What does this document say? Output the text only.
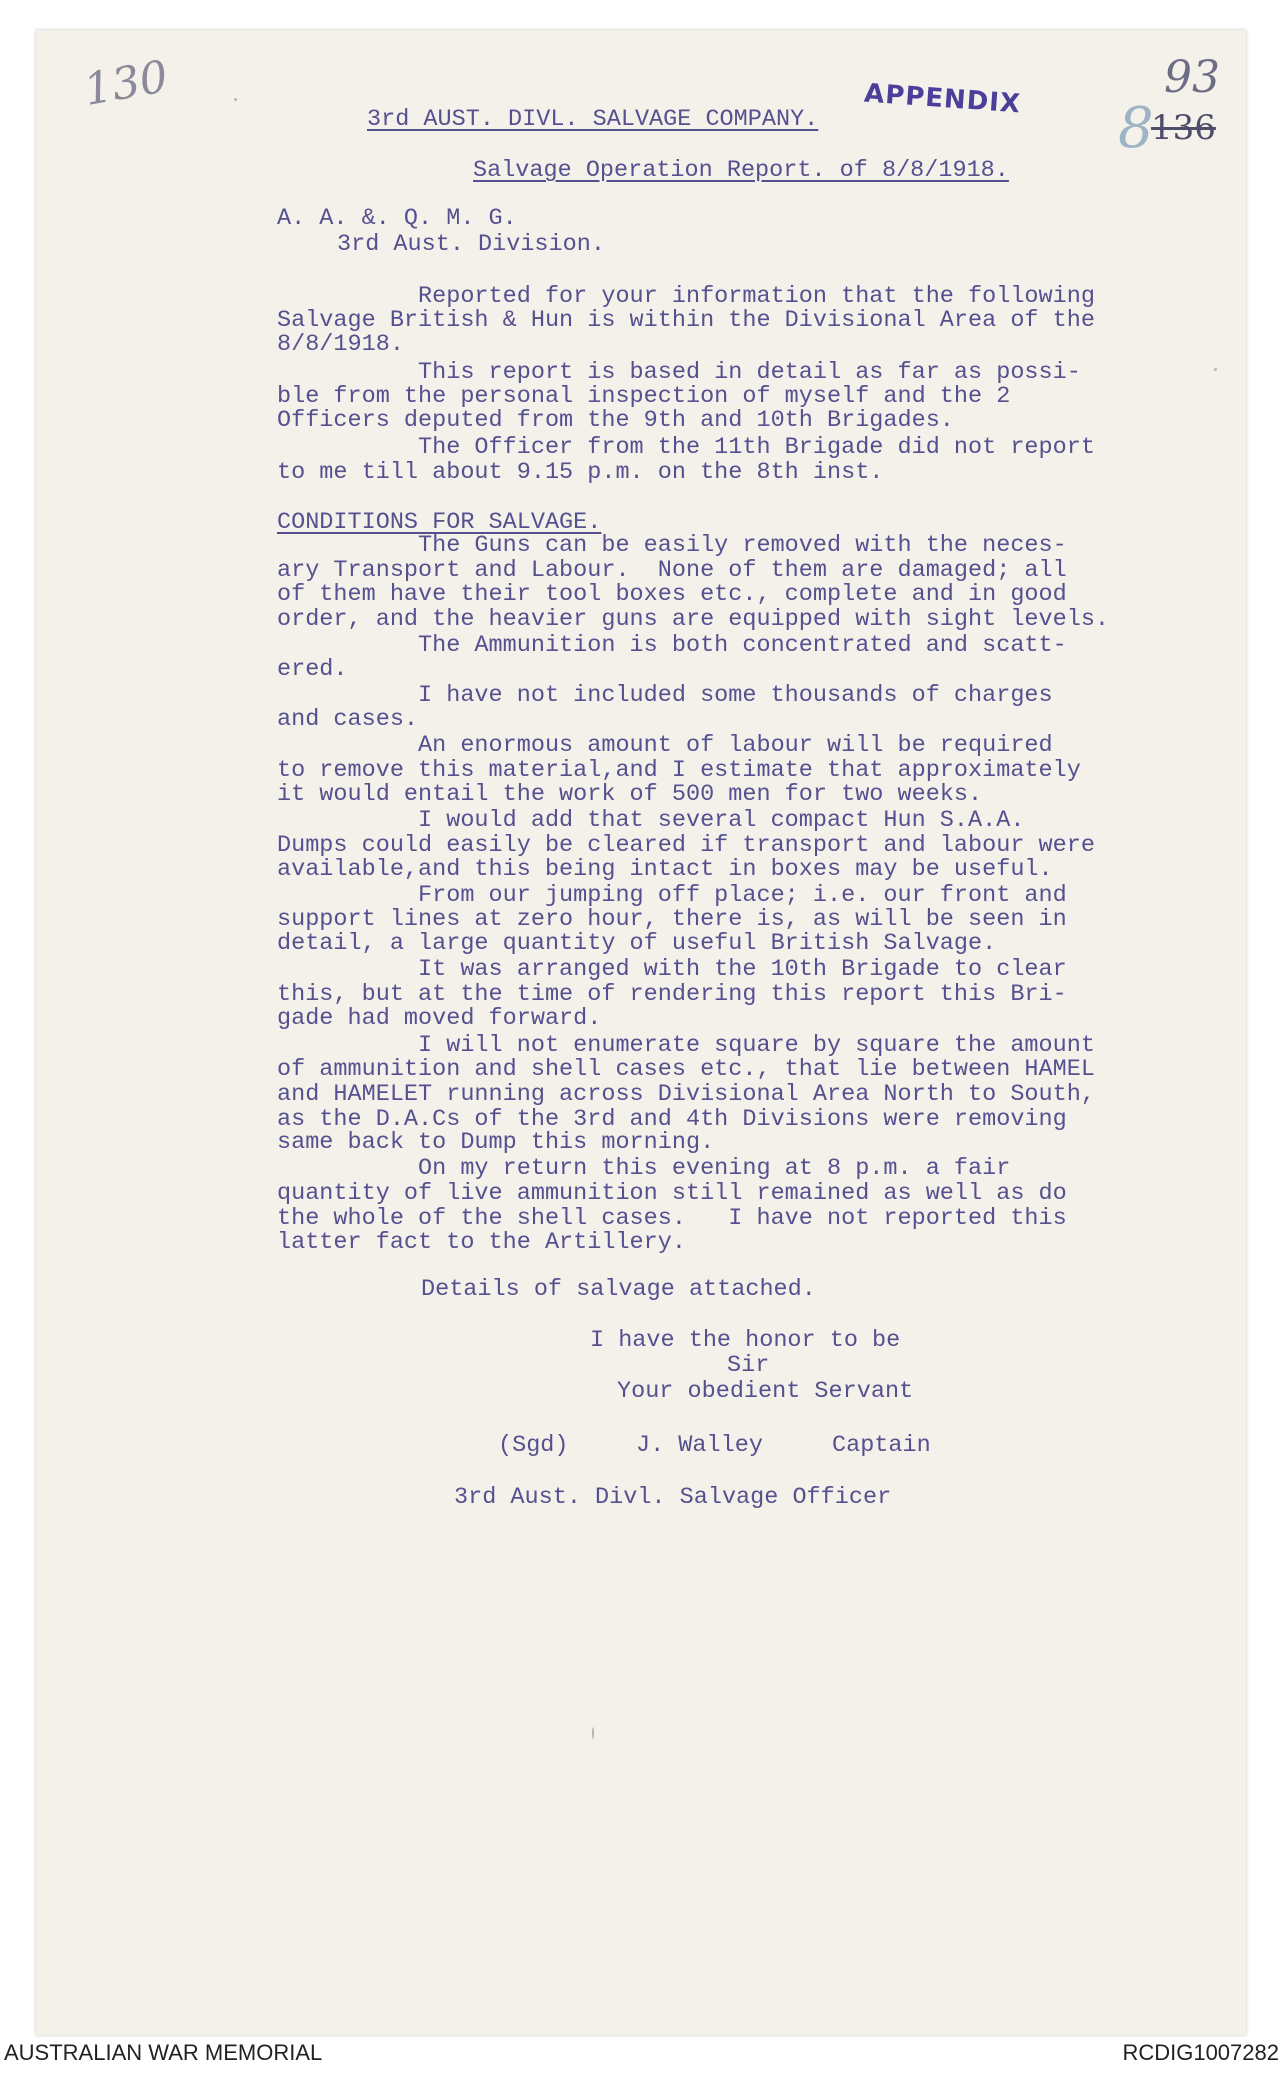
130	93
8
136
APPENDIX
3rd AUST. DIVL. SALVAGE COMPANY.
Salvage Operation Report. of 8/8/1918.
A. A. &. Q. M. G.
3rd Aust. Division.
Reported for your information that the following
Salvage British & Hun is within the Divisional Area of the
8/8/1918.
This report is based in detail as far as possi-
ble from the personal inspection of myself and the 2
Officers deputed from the 9th and 10th Brigades.
The Officer from the 11th Brigade did not report
to me till about 9.15 p.m. on the 8th inst.
CONDITIONS FOR SALVAGE.
The Guns can be easily removed with the neces-
ary Transport and Labour.  None of them are damaged; all
of them have their tool boxes etc., complete and in good
order, and the heavier guns are equipped with sight levels.
The Ammunition is both concentrated and scatt-
ered.
I have not included some thousands of charges
and cases.
An enormous amount of labour will be required
to remove this material,and I estimate that approximately
it would entail the work of 500 men for two weeks.
I would add that several compact Hun S.A.A.
Dumps could easily be cleared if transport and labour were
available,and this being intact in boxes may be useful.
From our jumping off place; i.e. our front and
support lines at zero hour, there is, as will be seen in
detail, a large quantity of useful British Salvage.
It was arranged with the 10th Brigade to clear
this, but at the time of rendering this report this Bri-
gade had moved forward.
I will not enumerate square by square the amount
of ammunition and shell cases etc., that lie between HAMEL
and HAMELET running across Divisional Area North to South,
as the D.A.Cs of the 3rd and 4th Divisions were removing
same back to Dump this morning.
On my return this evening at 8 p.m. a fair
quantity of live ammunition still remained as well as do
the whole of the shell cases.   I have not reported this
latter fact to the Artillery.
Details of salvage attached.
I have the honor to be
Sir
Your obedient Servant
(Sgd)	J. Walley	Captain
3rd Aust. Divl. Salvage Officer
AUSTRALIAN WAR MEMORIAL	RCDIG1007282
